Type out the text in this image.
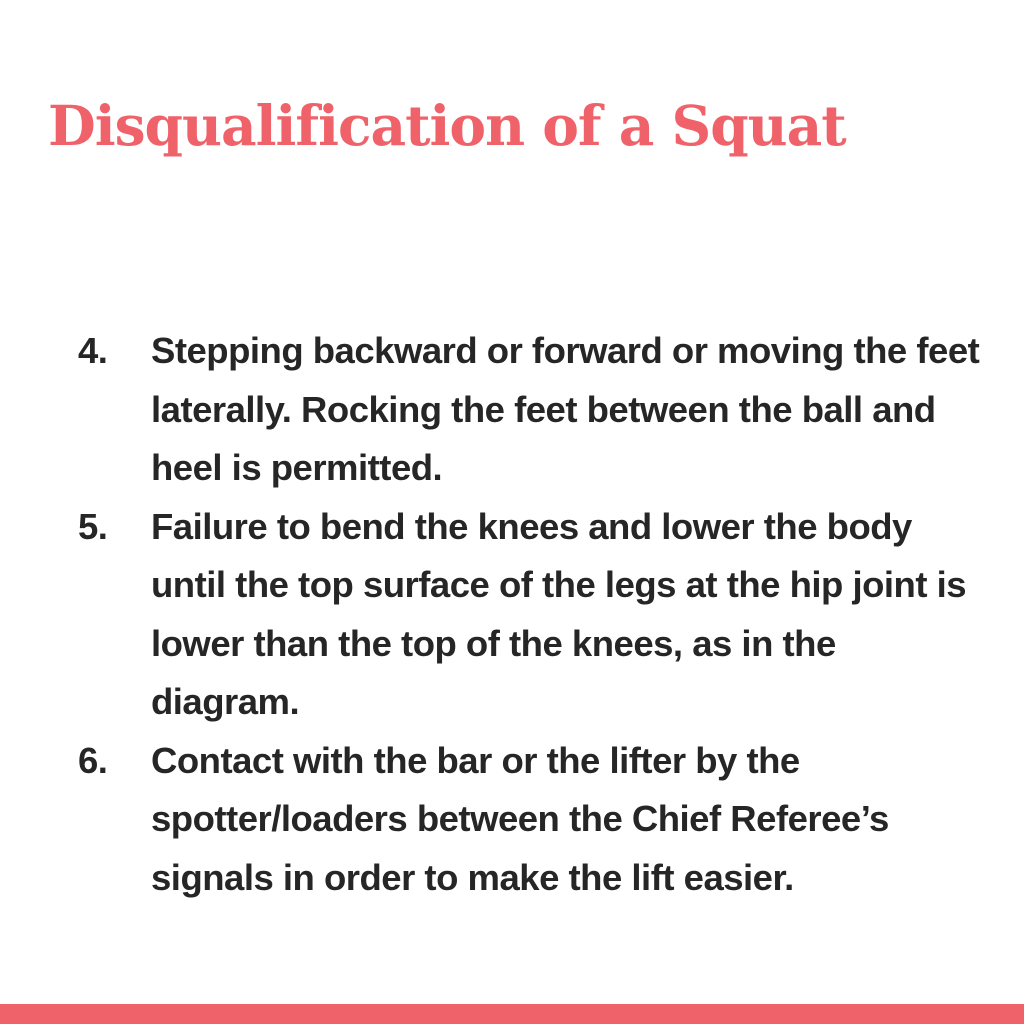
Disqualification of a Squat
4.	Stepping backward or forward or moving the feet laterally. Rocking the feet between the ball and heel is permitted.
5.	Failure to bend the knees and lower the body until the top surface of the legs at the hip joint is lower than the top of the knees, as in the diagram.
6.	Contact with the bar or the lifter by the spotter/loaders between the Chief Referee’s signals in order to make the lift easier.
